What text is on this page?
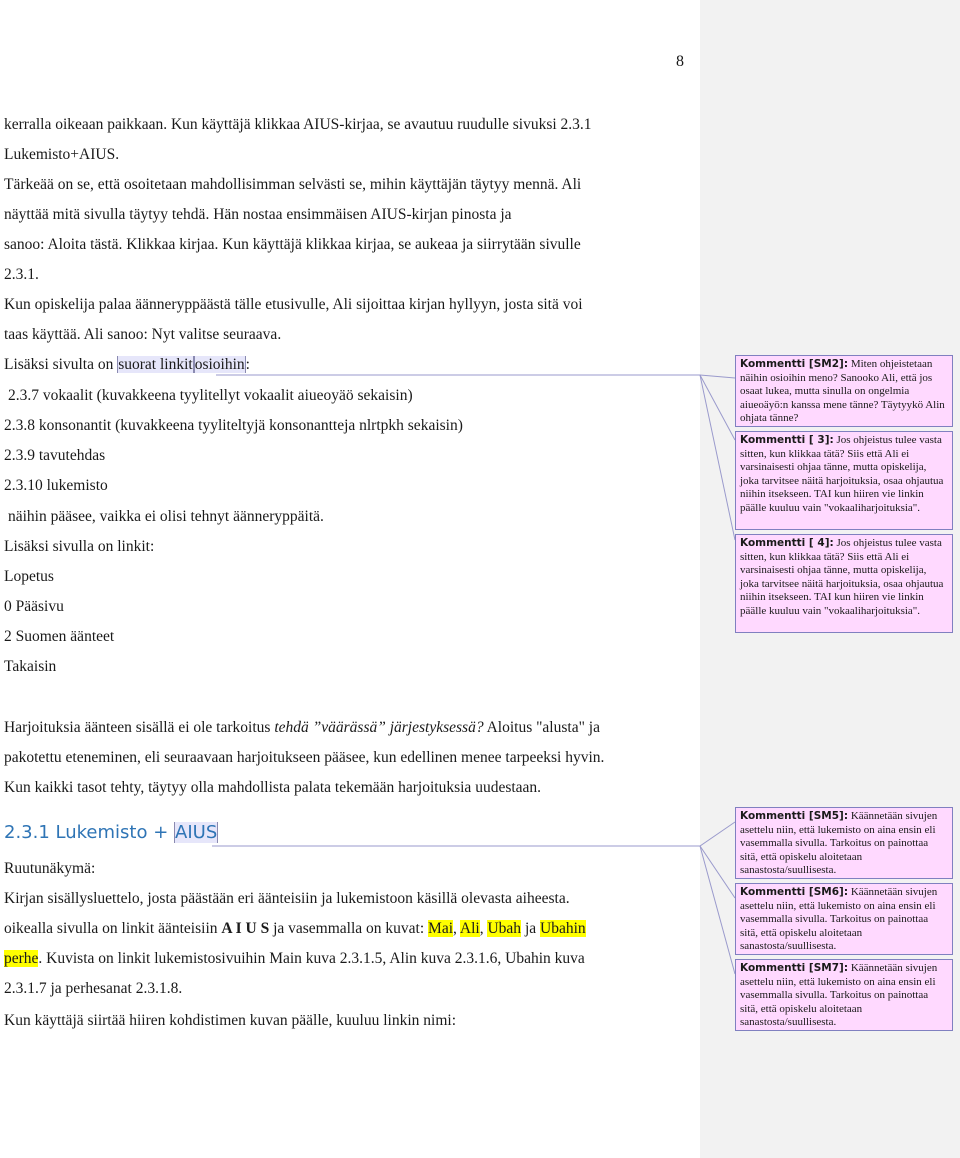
8
kerralla oikeaan paikkaan. Kun käyttäjä klikkaa AIUS-kirjaa, se avautuu ruudulle sivuksi 2.3.1
Lukemisto+AIUS.
Tärkeää on se, että osoitetaan mahdollisimman selvästi se, mihin käyttäjän täytyy mennä. Ali
näyttää mitä sivulla täytyy tehdä. Hän nostaa ensimmäisen AIUS-kirjan pinosta ja
sanoo: Aloita tästä. Klikkaa kirjaa. Kun käyttäjä klikkaa kirjaa, se aukeaa ja siirrytään sivulle
2.3.1.
Kun opiskelija palaa äänneryppäästä tälle etusivulle, Ali sijoittaa kirjan hyllyyn, josta sitä voi
taas käyttää. Ali sanoo: Nyt valitse seuraava.
Lisäksi sivulta on suorat linkit osioihin:
2.3.7 vokaalit (kuvakkeena tyylitellyt vokaalit aiueoyäö sekaisin)
2.3.8 konsonantit (kuvakkeena tyyliteltyjä konsonantteja nlrtpkh sekaisin)
2.3.9 tavutehdas
2.3.10 lukemisto
näihin pääsee, vaikka ei olisi tehnyt äänneryppäitä.
Lisäksi sivulla on linkit:
Lopetus
0 Pääsivu
2 Suomen äänteet
Takaisin
Harjoituksia äänteen sisällä ei ole tarkoitus tehdä ”väärässä” järjestyksessä? Aloitus "alusta" ja
pakotettu eteneminen, eli seuraavaan harjoitukseen pääsee, kun edellinen menee tarpeeksi hyvin.
Kun kaikki tasot tehty, täytyy olla mahdollista palata tekemään harjoituksia uudestaan.
2.3.1 Lukemisto + AIUS
Ruutunäkymä:
Kirjan sisällysluettelo, josta päästään eri äänteisiin ja lukemistoon käsillä olevasta aiheesta.
oikealla sivulla on linkit äänteisiin A I U S ja vasemmalla on kuvat: Mai, Ali, Ubah ja Ubahin
perhe. Kuvista on linkit lukemistosivuihin Main kuva 2.3.1.5, Alin kuva 2.3.1.6, Ubahin kuva
2.3.1.7 ja perhesanat 2.3.1.8.
Kun käyttäjä siirtää hiiren kohdistimen kuvan päälle, kuuluu linkin nimi:
Kommentti [SM2]: Miten ohjeistetaan näihin osioihin meno? Sanooko Ali, että jos osaat lukea, mutta sinulla on ongelmia aiueoäyö:n kanssa mene tänne? Täytyykö Alin ohjata tänne?
Kommentti [ 3]: Jos ohjeistus tulee vasta sitten, kun klikkaa tätä? Siis että Ali ei varsinaisesti ohjaa tänne, mutta opiskelija, joka tarvitsee näitä harjoituksia, osaa ohjautua niihin itsekseen. TAI kun hiiren vie linkin päälle kuuluu vain "vokaaliharjoituksia".
Kommentti [ 4]: Jos ohjeistus tulee vasta sitten, kun klikkaa tätä? Siis että Ali ei varsinaisesti ohjaa tänne, mutta opiskelija, joka tarvitsee näitä harjoituksia, osaa ohjautua niihin itsekseen. TAI kun hiiren vie linkin päälle kuuluu vain "vokaaliharjoituksia".
Kommentti [SM5]: Käännetään sivujen asettelu niin, että lukemisto on aina ensin eli vasemmalla sivulla. Tarkoitus on painottaa sitä, että opiskelu aloitetaan sanastosta/suullisesta.
Kommentti [SM6]: Käännetään sivujen asettelu niin, että lukemisto on aina ensin eli vasemmalla sivulla. Tarkoitus on painottaa sitä, että opiskelu aloitetaan sanastosta/suullisesta.
Kommentti [SM7]: Käännetään sivujen asettelu niin, että lukemisto on aina ensin eli vasemmalla sivulla. Tarkoitus on painottaa sitä, että opiskelu aloitetaan sanastosta/suullisesta.
